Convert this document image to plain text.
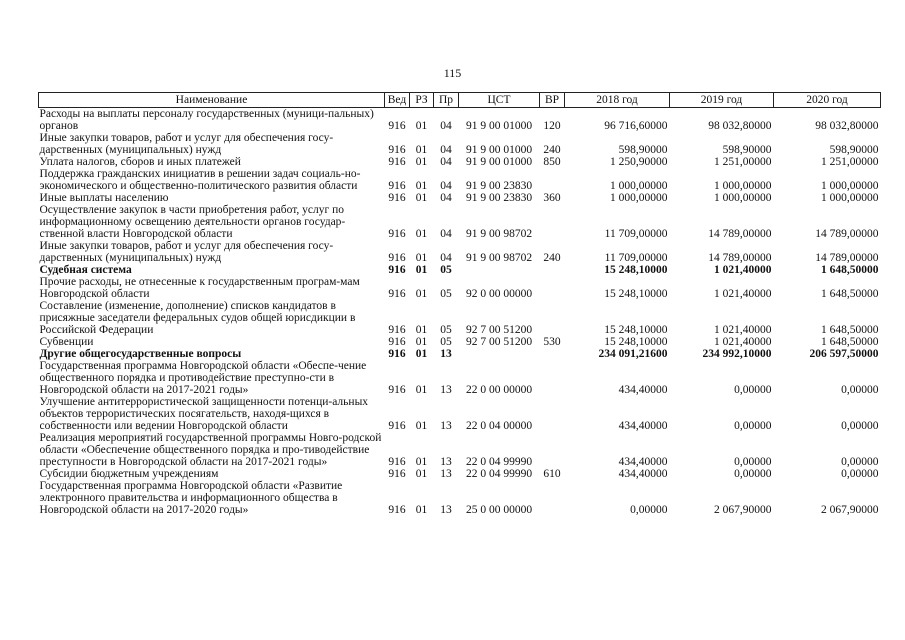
115
Наименование	Вед	РЗ	Пр	ЦСТ	ВР	2018 год	2019 год	2020 год
Расходы на выплаты персоналу государственных (муници-пальных) органов	916	01	04	91 9 00 01000	120	96 716,60000	98 032,80000	98 032,80000
Иные закупки товаров, работ и услуг для обеспечения госу-дарственных (муниципальных) нужд	916	01	04	91 9 00 01000	240	598,90000	598,90000	598,90000
Уплата налогов, сборов и иных платежей	916	01	04	91 9 00 01000	850	1 250,90000	1 251,00000	1 251,00000
Поддержка гражданских инициатив в решении задач социаль-но-экономического и общественно-политического развития области	916	01	04	91 9 00 23830		1 000,00000	1 000,00000	1 000,00000
Иные выплаты населению	916	01	04	91 9 00 23830	360	1 000,00000	1 000,00000	1 000,00000
Осуществление закупок в части приобретения работ, услуг по информационному освещению деятельности органов государ-ственной власти Новгородской области	916	01	04	91 9 00 98702		11 709,00000	14 789,00000	14 789,00000
Иные закупки товаров, работ и услуг для обеспечения госу-дарственных (муниципальных) нужд	916	01	04	91 9 00 98702	240	11 709,00000	14 789,00000	14 789,00000
Судебная система	916	01	05			15 248,10000	1 021,40000	1 648,50000
Прочие расходы, не отнесенные к государственным програм-мам Новгородской области	916	01	05	92 0 00 00000		15 248,10000	1 021,40000	1 648,50000
Составление (изменение, дополнение) списков кандидатов в присяжные заседатели федеральных судов общей юрисдикции в Российской Федерации	916	01	05	92 7 00 51200		15 248,10000	1 021,40000	1 648,50000
Субвенции	916	01	05	92 7 00 51200	530	15 248,10000	1 021,40000	1 648,50000
Другие общегосударственные вопросы	916	01	13			234 091,21600	234 992,10000	206 597,50000
Государственная программа Новгородской области «Обеспе-чение общественного порядка и противодействие преступно-сти в Новгородской области на 2017-2021 годы»	916	01	13	22 0 00 00000		434,40000	0,00000	0,00000
Улучшение антитеррористической защищенности потенци-альных объектов террористических посягательств, находя-щихся в собственности или ведении Новгородской области	916	01	13	22 0 04 00000		434,40000	0,00000	0,00000
Реализация мероприятий государственной программы Новго-родской области «Обеспечение общественного порядка и про-тиводействие преступности в Новгородской области на 2017-2021 годы»	916	01	13	22 0 04 99990		434,40000	0,00000	0,00000
Субсидии бюджетным учреждениям	916	01	13	22 0 04 99990	610	434,40000	0,00000	0,00000
Государственная программа Новгородской области «Развитие электронного правительства и информационного общества в Новгородской области на 2017-2020 годы»	916	01	13	25 0 00 00000		0,00000	2 067,90000	2 067,90000
